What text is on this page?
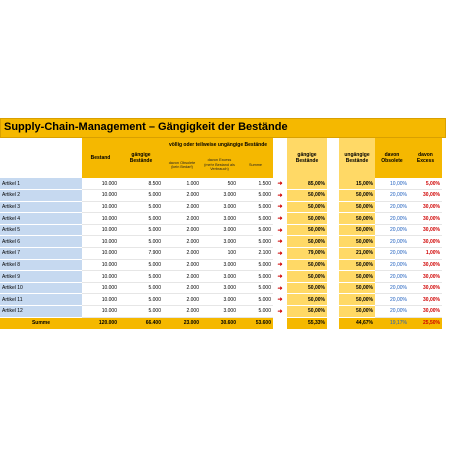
Supply-Chain-Management – Gängigkeit der Bestände
	Bestand	gängige Bestände	völlig oder teilweise ungängige Bestände				gängige Bestände		ungängige Bestände	davon Obsolete	davon Excess
			davon Obsolete (kein Bedarf)	davon Excess (mehr Bestand als Verbrauch)	Summe						
Artikel 1	10.000	8.500	1.000	500	1.500	➜	85,00%		15,00%	10,00%	5,00%
Artikel 2	10.000	5.000	2.000	3.000	5.000	➜	50,00%		50,00%	20,00%	30,00%
Artikel 3	10.000	5.000	2.000	3.000	5.000	➜	50,00%		50,00%	20,00%	30,00%
Artikel 4	10.000	5.000	2.000	3.000	5.000	➜	50,00%		50,00%	20,00%	30,00%
Artikel 5	10.000	5.000	2.000	3.000	5.000	➜	50,00%		50,00%	20,00%	30,00%
Artikel 6	10.000	5.000	2.000	3.000	5.000	➜	50,00%		50,00%	20,00%	30,00%
Artikel 7	10.000	7.900	2.000	100	2.100	➜	79,00%		21,00%	20,00%	1,00%
Artikel 8	10.000	5.000	2.000	3.000	5.000	➜	50,00%		50,00%	20,00%	30,00%
Artikel 9	10.000	5.000	2.000	3.000	5.000	➜	50,00%		50,00%	20,00%	30,00%
Artikel 10	10.000	5.000	2.000	3.000	5.000	➜	50,00%		50,00%	20,00%	30,00%
Artikel 11	10.000	5.000	2.000	3.000	5.000	➜	50,00%		50,00%	20,00%	30,00%
Artikel 12	10.000	5.000	2.000	3.000	5.000	➜	50,00%		50,00%	20,00%	30,00%
Summe	120.000	66.400	23.000	30.600	53.600		55,33%		44,67%	19,17%	25,50%
